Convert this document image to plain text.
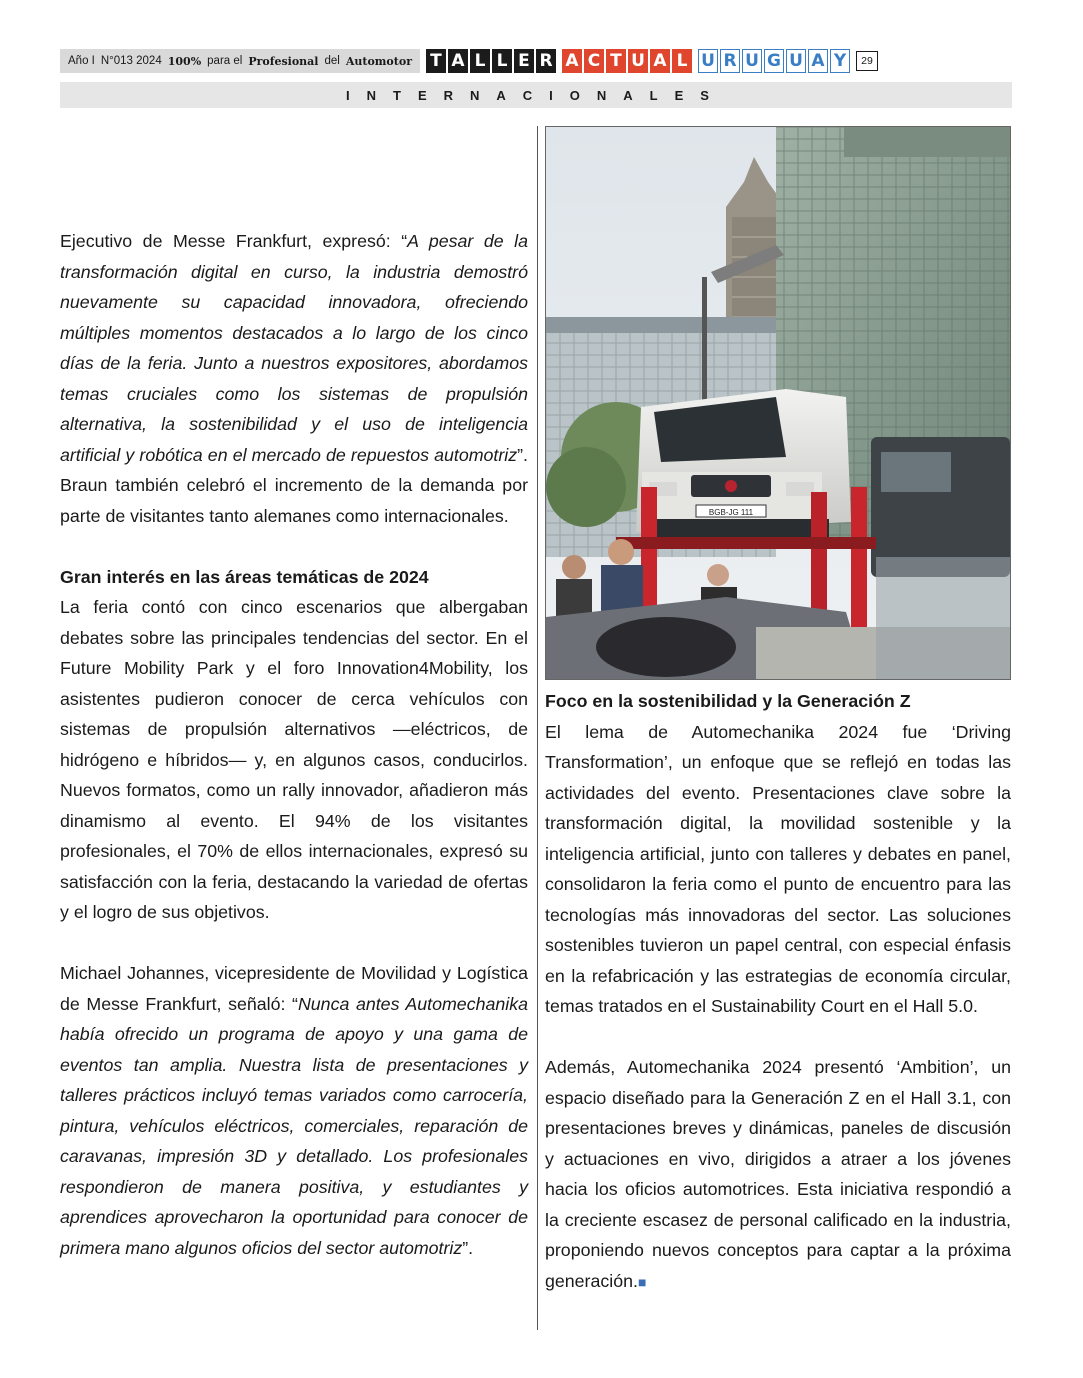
Año I N°013 2024 100% para el Profesional del Automotor T A L L E R A C T U A L U R U G U A Y	29
INTERNACIONALES

Ejecutivo de Messe Frankfurt, expresó: “A pesar de la transformación digital en curso, la industria demostró nuevamente su capacidad innovadora, ofreciendo múltiples momentos destacados a lo largo de los cinco días de la feria. Junto a nuestros expositores, abordamos temas cruciales como los sistemas de propulsión alternativa, la sostenibilidad y el uso de inteligencia artificial y robótica en el mercado de repuestos automotriz”. Braun también celebró el incremento de la demanda por parte de visitantes tanto alemanes como internacionales.

Gran interés en las áreas temáticas de 2024

La feria contó con cinco escenarios que albergaban debates sobre las principales tendencias del sector. En el Future Mobility Park y el foro Innovation4Mobility, los asistentes pudieron conocer de cerca vehículos con sistemas de propulsión alternativos —eléctricos, de hidrógeno e híbridos— y, en algunos casos, conducirlos. Nuevos formatos, como un rally innovador, añadieron más dinamismo al evento. El 94% de los visitantes profesionales, el 70% de ellos internacionales, expresó su satisfacción con la feria, destacando la variedad de ofertas y el logro de sus objetivos.

Michael Johannes, vicepresidente de Movilidad y Logística de Messe Frankfurt, señaló: “Nunca antes Automechanika había ofrecido un programa de apoyo y una gama de eventos tan amplia. Nuestra lista de presentaciones y talleres prácticos incluyó temas variados como carrocería, pintura, vehículos eléctricos, comerciales, reparación de caravanas, impresión 3D y detallado. Los profesionales respondieron de manera positiva, y estudiantes y aprendices aprovecharon la oportunidad para conocer de primera mano algunos oficios del sector automotriz”.

BGB-JG 111

Foco en la sostenibilidad y la Generación Z

El lema de Automechanika 2024 fue ‘Driving Transformation’, un enfoque que se reflejó en todas las actividades del evento. Presentaciones clave sobre la transformación digital, la movilidad sostenible y la inteligencia artificial, junto con talleres y debates en panel, consolidaron la feria como el punto de encuentro para las tecnologías más innovadoras del sector. Las soluciones sostenibles tuvieron un papel central, con especial énfasis en la refabricación y las estrategias de economía circular, temas tratados en el Sustainability Court en el Hall 5.0.

Además, Automechanika 2024 presentó ‘Ambition’, un espacio diseñado para la Generación Z en el Hall 3.1, con presentaciones breves y dinámicas, paneles de discusión y actuaciones en vivo, dirigidos a atraer a los jóvenes hacia los oficios automotrices. Esta iniciativa respondió a la creciente escasez de personal calificado en la industria, proponiendo nuevos conceptos para captar a la próxima generación.■
